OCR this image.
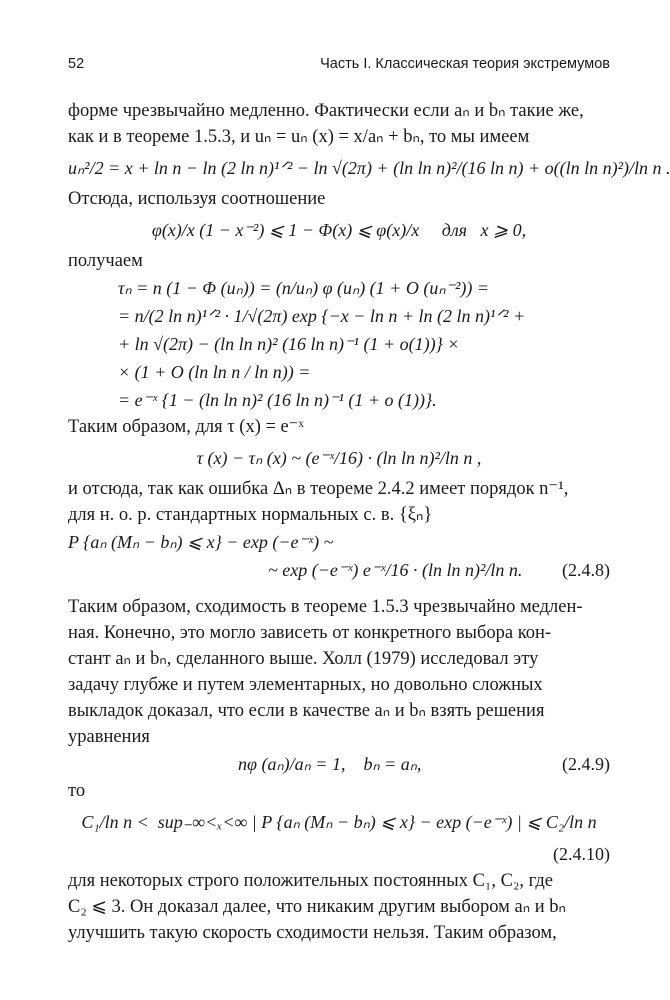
52	Часть I. Классическая теория экстремумов

форме чрезвычайно медленно. Фактически если aₙ и bₙ такие же,
как и в теореме 1.5.3, и uₙ = uₙ (x) = x/aₙ + bₙ, то мы имеем

uₙ²/2 = x + ln n − ln (2 ln n)¹ᐟ² − ln √(2π) + (ln ln n)²/(16 ln n) + o((ln ln n)²)/ln n .

Отсюда, используя соотношение

φ(x)/x (1 − x⁻²) ⩽ 1 − Φ(x) ⩽ φ(x)/x     для   x ⩾ 0,

получаем

τₙ = n (1 − Φ (uₙ)) = (n/uₙ) φ (uₙ) (1 + O (uₙ⁻²)) =

= n/(2 ln n)¹ᐟ² · 1/√(2π) exp {−x − ln n + ln (2 ln n)¹ᐟ² +

+ ln √(2π) − (ln ln n)² (16 ln n)⁻¹ (1 + o(1))} ×

× (1 + O (ln ln n / ln n)) =

= e⁻ˣ {1 − (ln ln n)² (16 ln n)⁻¹ (1 + o (1))}.

Таким образом, для τ (x) = e⁻ˣ

τ (x) − τₙ (x) ~ (e⁻ˣ/16) · (ln ln n)²/ln n ,

и отсюда, так как ошибка Δₙ в теореме 2.4.2 имеет порядок n⁻¹,
для н. о. р. стандартных нормальных с. в. {ξₙ}

P {aₙ (Mₙ − bₙ) ⩽ x} − exp (−e⁻ˣ) ~

~ exp (−e⁻ˣ) e⁻ˣ/16 · (ln ln n)²/ln n. (2.4.8)

Таким образом, сходимость в теореме 1.5.3 чрезвычайно медлен-
ная. Конечно, это могло зависеть от конкретного выбора кон-
стант aₙ и bₙ, сделанного выше. Холл (1979) исследовал эту
задачу глубже и путем элементарных, но довольно сложных
выкладок доказал, что если в качестве aₙ и bₙ взять решения
уравнения

nφ (aₙ)/aₙ = 1,    bₙ = aₙ,	(2.4.9)

то

C₁/ln n <  sup₋∞<ₓ<∞ | P {aₙ (Mₙ − bₙ) ⩽ x} − exp (−e⁻ˣ) | ⩽ C₂/ln n

(2.4.10)

для некоторых строго положительных постоянных C₁, C₂, где
C₂ ⩽ 3. Он доказал далее, что никаким другим выбором aₙ и bₙ
улучшить такую скорость сходимости нельзя. Таким образом,
